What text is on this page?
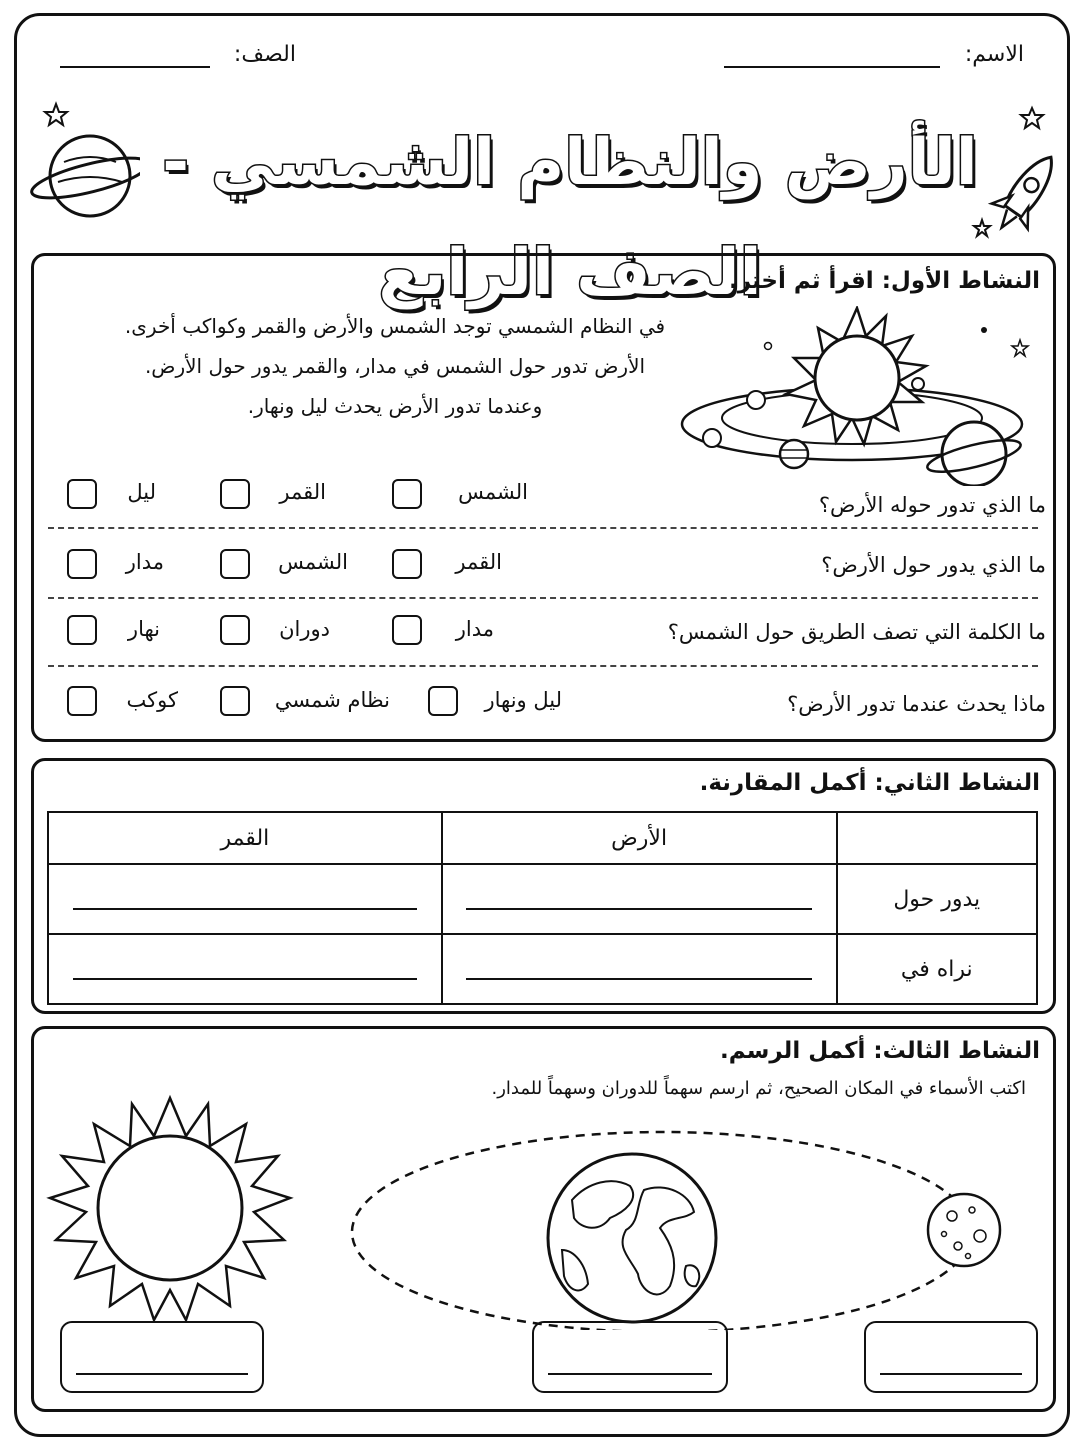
الاسم:
الصف:
الأرض والنظام الشمسي - الصف الرابع
النشاط الأول: اقرأ ثم أختر.
في النظام الشمسي توجد الشمس والأرض والقمر وكواكب أخرى.
الأرض تدور حول الشمس في مدار، والقمر يدور حول الأرض.
وعندما تدور الأرض يحدث ليل ونهار.
ما الذي تدور حوله الأرض؟
الشمس
القمر
ليل
ما الذي يدور حول الأرض؟
القمر
الشمس
مدار
ما الكلمة التي تصف الطريق حول الشمس؟
مدار
دوران
نهار
ماذا يحدث عندما تدور الأرض؟
ليل ونهار
نظام شمسي
كوكب
النشاط الثاني: أكمل المقارنة.
	الأرض	القمر
يدور حول	

نراه في	

النشاط الثالث: أكمل الرسم.
اكتب الأسماء في المكان الصحيح، ثم ارسم سهماً للدوران وسهماً للمدار.
